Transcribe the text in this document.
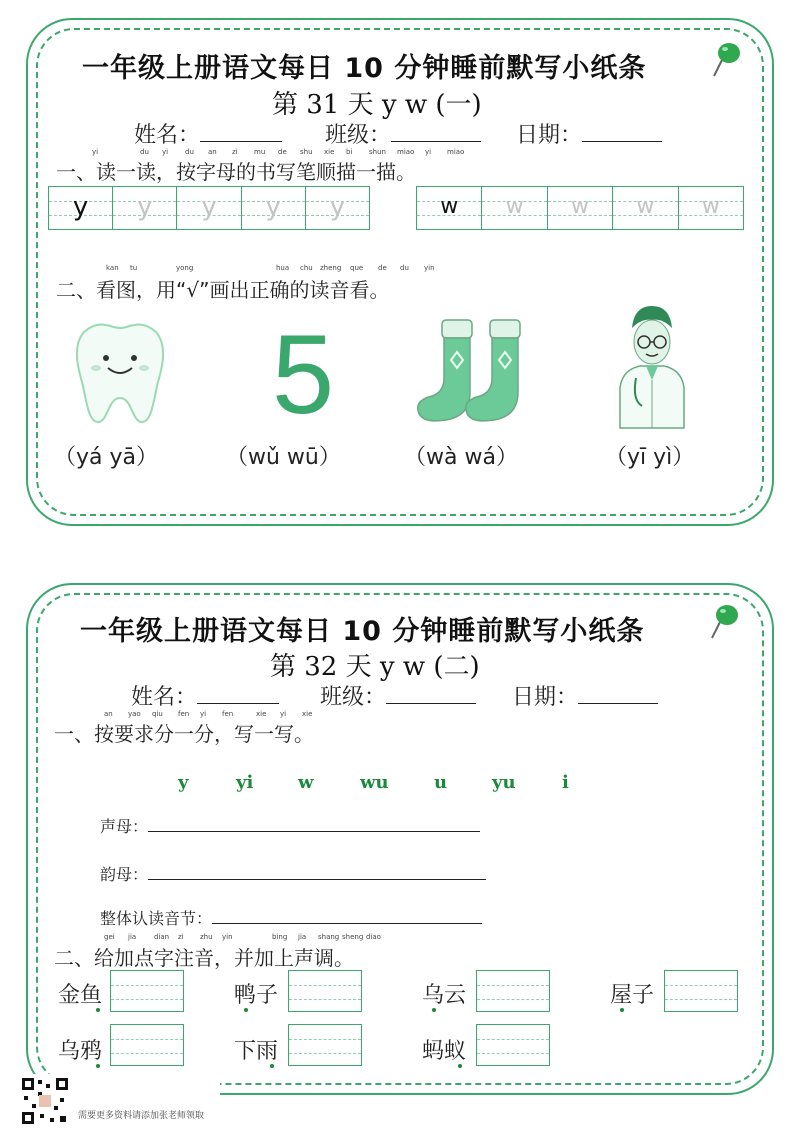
一年级上册语文每日 10 分钟睡前默写小纸条
第 31 天 y w (一)
姓名：	班级：	日期：
yi	du yi du an zi mu de shu xie bi shun miao yi miao
一、读一读，按字母的书写笔顺描一描。
y	y	y	y	y	w	w	w	w	w
kan tu	yong	hua chu zheng que de du yin
二、看图，用“√”画出正确的读音看。
5
（yá yā）	（wǔ wū）	（wà wá）	（yī yì）
一年级上册语文每日 10 分钟睡前默写小纸条
第 32 天 y w (二)
姓名：	班级：	日期：
an yao qiu fen yi fen	xie yi xie
一、按要求分一分，写一写。
y	yi w	wu	u yu	i
声母：
韵母：
整体认读音节：
gei jia	dian zi zhu yin	bing jia shang sheng diao
二、给加点字注音，并加上声调。
金鱼	鸭子	乌云	屋子
乌鸦	下雨	蚂蚁
需要更多资料请添加张老师领取
